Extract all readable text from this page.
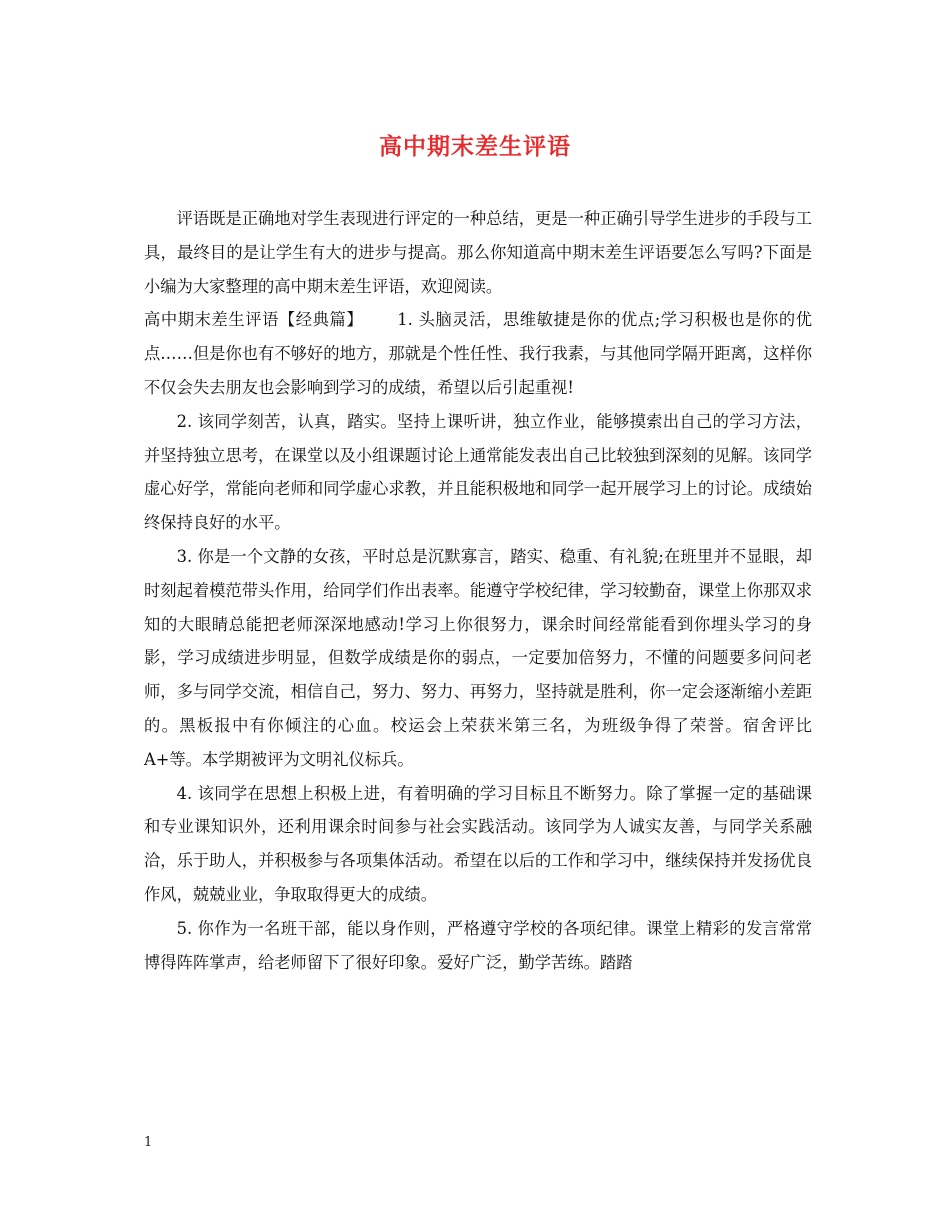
高中期末差生评语

评语既是正确地对学生表现进行评定的一种总结，更是一种正确引导学生进步的手段与工具，最终目的是让学生有大的进步与提高。那么你知道高中期末差生评语要怎么写吗?下面是小编为大家整理的高中期末差生评语，欢迎阅读。

高中期末差生评语【经典篇】 1. 头脑灵活，思维敏捷是你的优点;学习积极也是你的优点……但是你也有不够好的地方，那就是个性任性、我行我素，与其他同学隔开距离，这样你不仅会失去朋友也会影响到学习的成绩，希望以后引起重视!

2. 该同学刻苦，认真，踏实。坚持上课听讲，独立作业，能够摸索出自己的学习方法，并坚持独立思考，在课堂以及小组课题讨论上通常能发表出自己比较独到深刻的见解。该同学虚心好学，常能向老师和同学虚心求教，并且能积极地和同学一起开展学习上的讨论。成绩始终保持良好的水平。

3. 你是一个文静的女孩，平时总是沉默寡言，踏实、稳重、有礼貌;在班里并不显眼，却时刻起着模范带头作用，给同学们作出表率。能遵守学校纪律，学习较勤奋，课堂上你那双求知的大眼睛总能把老师深深地感动!学习上你很努力，课余时间经常能看到你埋头学习的身影，学习成绩进步明显，但数学成绩是你的弱点，一定要加倍努力，不懂的问题要多问问老师，多与同学交流，相信自己，努力、努力、再努力，坚持就是胜利，你一定会逐渐缩小差距的。黑板报中有你倾注的心血。校运会上荣获米第三名，为班级争得了荣誉。宿舍评比 A+等。本学期被评为文明礼仪标兵。

4. 该同学在思想上积极上进，有着明确的学习目标且不断努力。除了掌握一定的基础课和专业课知识外，还利用课余时间参与社会实践活动。该同学为人诚实友善，与同学关系融洽，乐于助人，并积极参与各项集体活动。希望在以后的工作和学习中，继续保持并发扬优良作风，兢兢业业，争取取得更大的成绩。

5. 你作为一名班干部，能以身作则，严格遵守学校的各项纪律。课堂上精彩的发言常常博得阵阵掌声，给老师留下了很好印象。爱好广泛，勤学苦练。踏踏

1
